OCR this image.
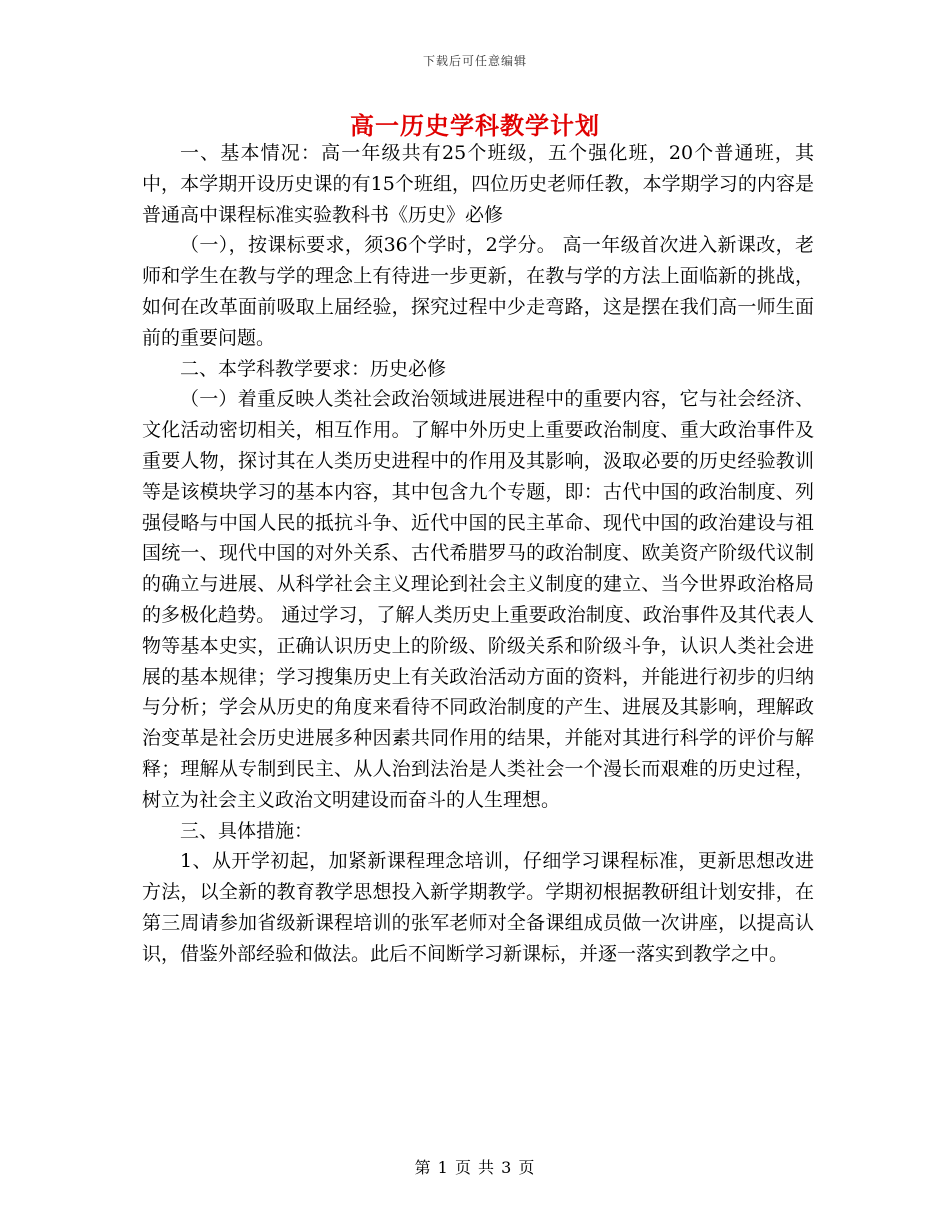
下载后可任意编辑
高一历史学科教学计划

一、基本情况：高一年级共有25个班级，五个强化班，20个普通班，其中，本学期开设历史课的有15个班组，四位历史老师任教，本学期学习的内容是普通高中课程标准实验教科书《历史》必修

（一），按课标要求，须36个学时，2学分。 高一年级首次进入新课改，老师和学生在教与学的理念上有待进一步更新，在教与学的方法上面临新的挑战，如何在改革面前吸取上届经验，探究过程中少走弯路，这是摆在我们高一师生面前的重要问题。

二、本学科教学要求：历史必修

（一）着重反映人类社会政治领域进展进程中的重要内容，它与社会经济、文化活动密切相关，相互作用。了解中外历史上重要政治制度、重大政治事件及重要人物，探讨其在人类历史进程中的作用及其影响，汲取必要的历史经验教训等是该模块学习的基本内容，其中包含九个专题，即：古代中国的政治制度、列强侵略与中国人民的抵抗斗争、近代中国的民主革命、现代中国的政治建设与祖国统一、现代中国的对外关系、古代希腊罗马的政治制度、欧美资产阶级代议制的确立与进展、从科学社会主义理论到社会主义制度的建立、当今世界政治格局的多极化趋势。 通过学习，了解人类历史上重要政治制度、政治事件及其代表人物等基本史实，正确认识历史上的阶级、阶级关系和阶级斗争，认识人类社会进展的基本规律；学习搜集历史上有关政治活动方面的资料，并能进行初步的归纳与分析；学会从历史的角度来看待不同政治制度的产生、进展及其影响，理解政治变革是社会历史进展多种因素共同作用的结果，并能对其进行科学的评价与解释；理解从专制到民主、从人治到法治是人类社会一个漫长而艰难的历史过程，树立为社会主义政治文明建设而奋斗的人生理想。

三、具体措施：

1、从开学初起，加紧新课程理念培训，仔细学习课程标准，更新思想改进方法，以全新的教育教学思想投入新学期教学。学期初根据教研组计划安排，在第三周请参加省级新课程培训的张军老师对全备课组成员做一次讲座，以提高认识，借鉴外部经验和做法。此后不间断学习新课标，并逐一落实到教学之中。

第 1 页 共 3 页
